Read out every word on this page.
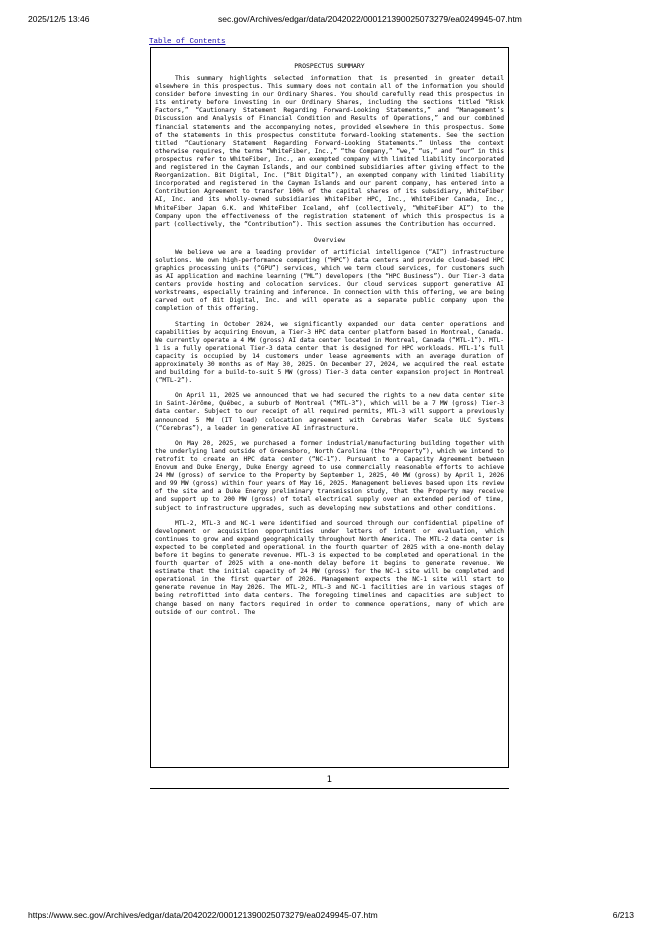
2025/12/5 13:46	sec.gov/Archives/edgar/data/2042022/000121390025073279/ea0249945-07.htm
Table of Contents

PROSPECTUS SUMMARY

This summary highlights selected information that is presented in greater detail elsewhere in this prospectus. This summary does not contain all of the information you should consider before investing in our Ordinary Shares. You should carefully read this prospectus in its entirety before investing in our Ordinary Shares, including the sections titled “Risk Factors,” “Cautionary Statement Regarding Forward-Looking Statements,” and “Management’s Discussion and Analysis of Financial Condition and Results of Operations,” and our combined financial statements and the accompanying notes, provided elsewhere in this prospectus. Some of the statements in this prospectus constitute forward-looking statements. See the section titled “Cautionary Statement Regarding Forward-Looking Statements.” Unless the context otherwise requires, the terms “WhiteFiber, Inc.,” “the Company,” “we,” “us,” and “our” in this prospectus refer to WhiteFiber, Inc., an exempted company with limited liability incorporated and registered in the Cayman Islands, and our combined subsidiaries after giving effect to the Reorganization. Bit Digital, Inc. (“Bit Digital”), an exempted company with limited liability incorporated and registered in the Cayman Islands and our parent company, has entered into a Contribution Agreement to transfer 100% of the capital shares of its subsidiary, WhiteFiber AI, Inc. and its wholly-owned subsidiaries WhiteFiber HPC, Inc., WhiteFiber Canada, Inc., WhiteFiber Japan G.K. and WhiteFiber Iceland, ehf (collectively, “WhiteFiber AI”) to the Company upon the effectiveness of the registration statement of which this prospectus is a part (collectively, the “Contribution”). This section assumes the Contribution has occurred.

Overview

We believe we are a leading provider of artificial intelligence (“AI”) infrastructure solutions. We own high-performance computing (“HPC”) data centers and provide cloud-based HPC graphics processing units (“GPU”) services, which we term cloud services, for customers such as AI application and machine learning (“ML”) developers (the “HPC Business”). Our Tier-3 data centers provide hosting and colocation services. Our cloud services support generative AI workstreams, especially training and inference. In connection with this offering, we are being carved out of Bit Digital, Inc. and will operate as a separate public company upon the completion of this offering.

Starting in October 2024, we significantly expanded our data center operations and capabilities by acquiring Enovum, a Tier-3 HPC data center platform based in Montreal, Canada. We currently operate a 4 MW (gross) AI data center located in Montreal, Canada (“MTL-1”). MTL-1 is a fully operational Tier-3 data center that is designed for HPC workloads. MTL-1’s full capacity is occupied by 14 customers under lease agreements with an average duration of approximately 30 months as of May 30, 2025. On December 27, 2024, we acquired the real estate and building for a build-to-suit 5 MW (gross) Tier-3 data center expansion project in Montreal (“MTL-2”).

On April 11, 2025 we announced that we had secured the rights to a new data center site in Saint-Jérôme, Québec, a suburb of Montreal (“MTL-3”), which will be a 7 MW (gross) Tier-3 data center. Subject to our receipt of all required permits, MTL-3 will support a previously announced 5 MW (IT load) colocation agreement with Cerebras Wafer Scale ULC Systems (“Cerebras”), a leader in generative AI infrastructure.

On May 20, 2025, we purchased a former industrial/manufacturing building together with the underlying land outside of Greensboro, North Carolina (the “Property”), which we intend to retrofit to create an HPC data center (“NC-1”). Pursuant to a Capacity Agreement between Enovum and Duke Energy, Duke Energy agreed to use commercially reasonable efforts to achieve 24 MW (gross) of service to the Property by September 1, 2025, 40 MW (gross) by April 1, 2026 and 99 MW (gross) within four years of May 16, 2025. Management believes based upon its review of the site and a Duke Energy preliminary transmission study, that the Property may receive and support up to 200 MW (gross) of total electrical supply over an extended period of time, subject to infrastructure upgrades, such as developing new substations and other conditions.

MTL-2, MTL-3 and NC-1 were identified and sourced through our confidential pipeline of development or acquisition opportunities under letters of intent or evaluation, which continues to grow and expand geographically throughout North America. The MTL-2 data center is expected to be completed and operational in the fourth quarter of 2025 with a one-month delay before it begins to generate revenue. MTL-3 is expected to be completed and operational in the fourth quarter of 2025 with a one-month delay before it begins to generate revenue. We estimate that the initial capacity of 24 MW (gross) for the NC-1 site will be completed and operational in the first quarter of 2026. Management expects the NC-1 site will start to generate revenue in May 2026. The MTL-2, MTL-3 and NC-1 facilities are in various stages of being retrofitted into data centers. The foregoing timelines and capacities are subject to change based on many factors required in order to commence operations, many of which are outside of our control. The

1
https://www.sec.gov/Archives/edgar/data/2042022/000121390025073279/ea0249945-07.htm	6/213
